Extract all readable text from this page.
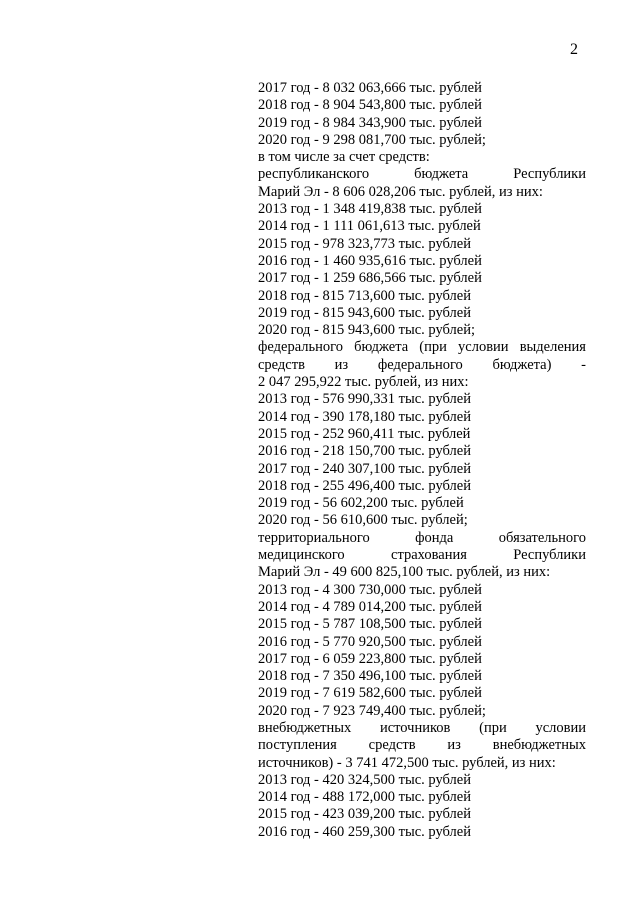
2
2017 год - 8 032 063,666 тыс. рублей
2018 год - 8 904 543,800 тыс. рублей
2019 год - 8 984 343,900 тыс. рублей
2020 год - 9 298 081,700 тыс. рублей;
в том числе за счет средств:
республиканского	бюджета	Республики
Марий Эл - 8 606 028,206 тыс. рублей, из них:
2013 год - 1 348 419,838 тыс. рублей
2014 год - 1 111 061,613 тыс. рублей
2015 год - 978 323,773 тыс. рублей
2016 год - 1 460 935,616 тыс. рублей
2017 год - 1 259 686,566 тыс. рублей
2018 год - 815 713,600 тыс. рублей
2019 год - 815 943,600 тыс. рублей
2020 год - 815 943,600 тыс. рублей;
федерального бюджета (при условии выделения
средств из федерального бюджета) -
2 047 295,922 тыс. рублей, из них:
2013 год - 576 990,331 тыс. рублей
2014 год - 390 178,180 тыс. рублей
2015 год - 252 960,411 тыс. рублей
2016 год - 218 150,700 тыс. рублей
2017 год - 240 307,100 тыс. рублей
2018 год - 255 496,400 тыс. рублей
2019 год - 56 602,200 тыс. рублей
2020 год - 56 610,600 тыс. рублей;
территориального	фонда	обязательного
медицинского	страхования	Республики
Марий Эл - 49 600 825,100 тыс. рублей, из них:
2013 год - 4 300 730,000 тыс. рублей
2014 год - 4 789 014,200 тыс. рублей
2015 год - 5 787 108,500 тыс. рублей
2016 год - 5 770 920,500 тыс. рублей
2017 год - 6 059 223,800 тыс. рублей
2018 год - 7 350 496,100 тыс. рублей
2019 год - 7 619 582,600 тыс. рублей
2020 год - 7 923 749,400 тыс. рублей;
внебюджетных источников (при условии
поступления средств из внебюджетных
источников) - 3 741 472,500 тыс. рублей, из них:
2013 год - 420 324,500 тыс. рублей
2014 год - 488 172,000 тыс. рублей
2015 год - 423 039,200 тыс. рублей
2016 год - 460 259,300 тыс. рублей
